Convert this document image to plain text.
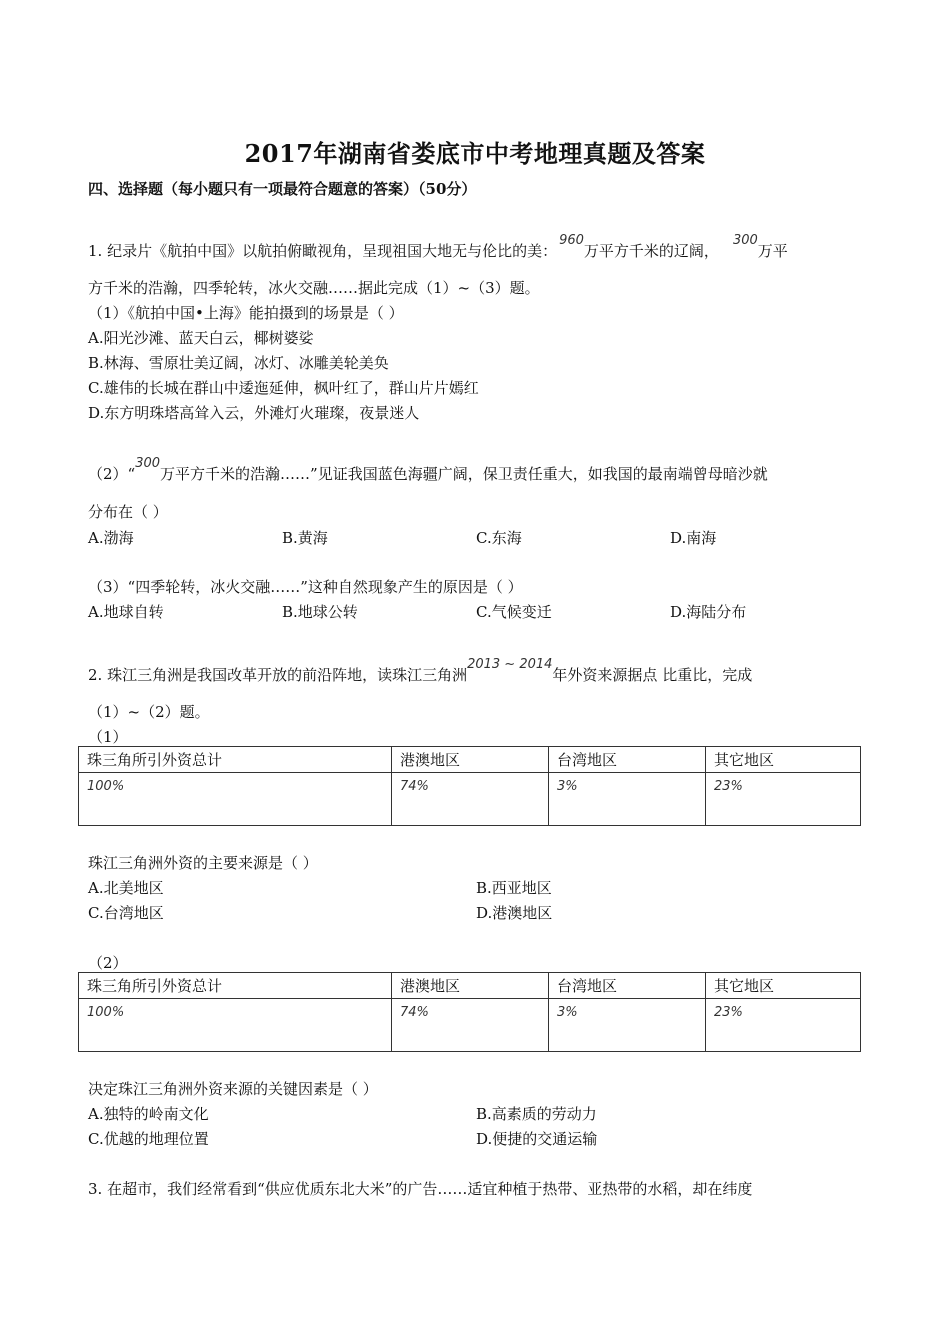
2017年湖南省娄底市中考地理真题及答案
四、选择题（每小题只有一项最符合题意的答案）（50分）
1. 纪录片《航拍中国》以航拍俯瞰视角，呈现祖国大地无与伦比的美：960万平方千米的辽阔，300万平
方千米的浩瀚，四季轮转，冰火交融……据此完成（1）~（3）题。
（1）《航拍中国•上海》能拍摄到的场景是（ ）
A.阳光沙滩、蓝天白云，椰树婆娑
B.林海、雪原壮美辽阔，冰灯、冰雕美轮美奂
C.雄伟的长城在群山中逶迤延伸，枫叶红了，群山片片嫣红
D.东方明珠塔高耸入云，外滩灯火璀璨，夜景迷人
（2）“300万平方千米的浩瀚……”见证我国蓝色海疆广阔，保卫责任重大，如我国的最南端曾母暗沙就
分布在（ ）
A.渤海	B.黄海	C.东海	D.南海
（3）“四季轮转，冰火交融……”这种自然现象产生的原因是（ ）
A.地球自转	B.地球公转	C.气候变迁	D.海陆分布
2. 珠江三角洲是我国改革开放的前沿阵地，读珠江三角洲2013 ~ 2014年外资来源据点 比重比，完成
（1）~（2）题。
（1）
珠三角所引外资总计	港澳地区	台湾地区	其它地区
100%	74%	3%	23%
珠江三角洲外资的主要来源是（ ）
A.北美地区	B.西亚地区
C.台湾地区	D.港澳地区
（2）
珠三角所引外资总计	港澳地区	台湾地区	其它地区
100%	74%	3%	23%
决定珠江三角洲外资来源的关键因素是（ ）
A.独特的岭南文化	B.高素质的劳动力
C.优越的地理位置	D.便捷的交通运输
3. 在超市，我们经常看到“供应优质东北大米”的广告……适宜种植于热带、亚热带的水稻，却在纬度
